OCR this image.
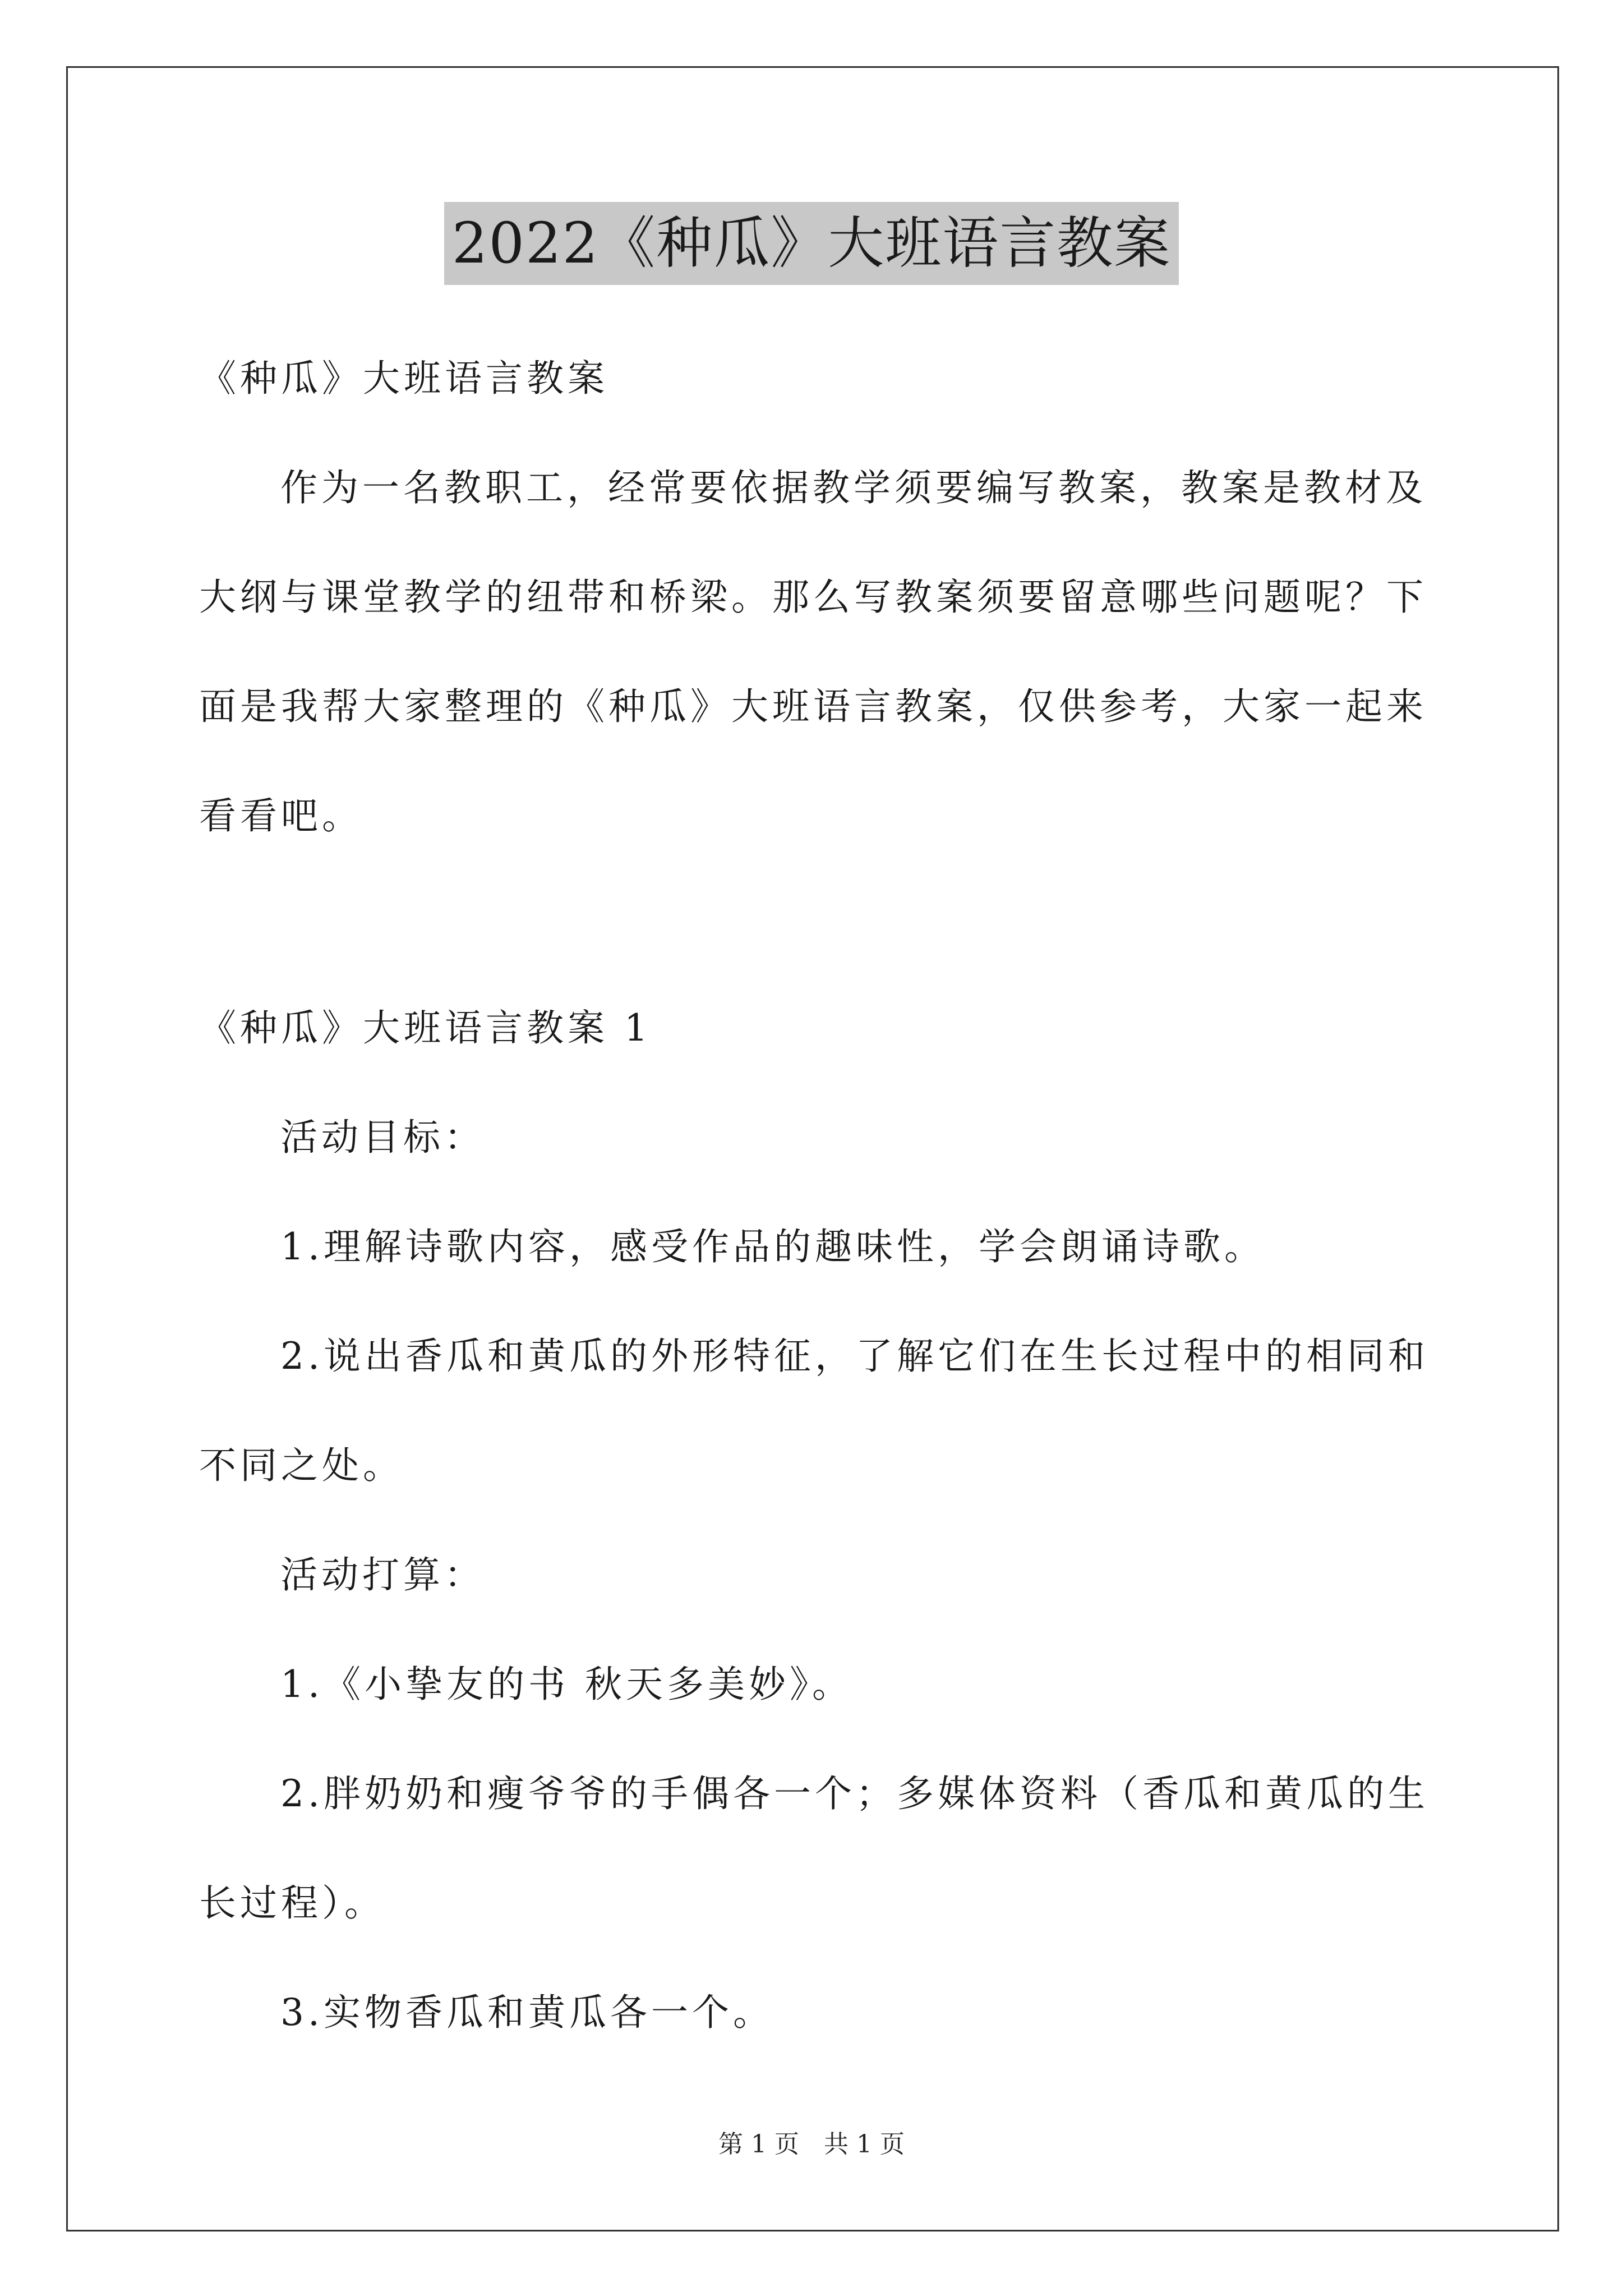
2022《种瓜》大班语言教案
《种瓜》大班语言教案
作为一名教职工，经常要依据教学须要编写教案，教案是教材及
大纲与课堂教学的纽带和桥梁。那么写教案须要留意哪些问题呢？下
面是我帮大家整理的《种瓜》大班语言教案，仅供参考，大家一起来
看看吧。
《种瓜》大班语言教案 1
活动目标：
1.理解诗歌内容，感受作品的趣味性，学会朗诵诗歌。
2.说出香瓜和黄瓜的外形特征，了解它们在生长过程中的相同和
不同之处。
活动打算：
1.《小挚友的书 秋天多美妙》。
2.胖奶奶和瘦爷爷的手偶各一个；多媒体资料（香瓜和黄瓜的生
长过程）。
3.实物香瓜和黄瓜各一个。
第 1 页　共 1 页
